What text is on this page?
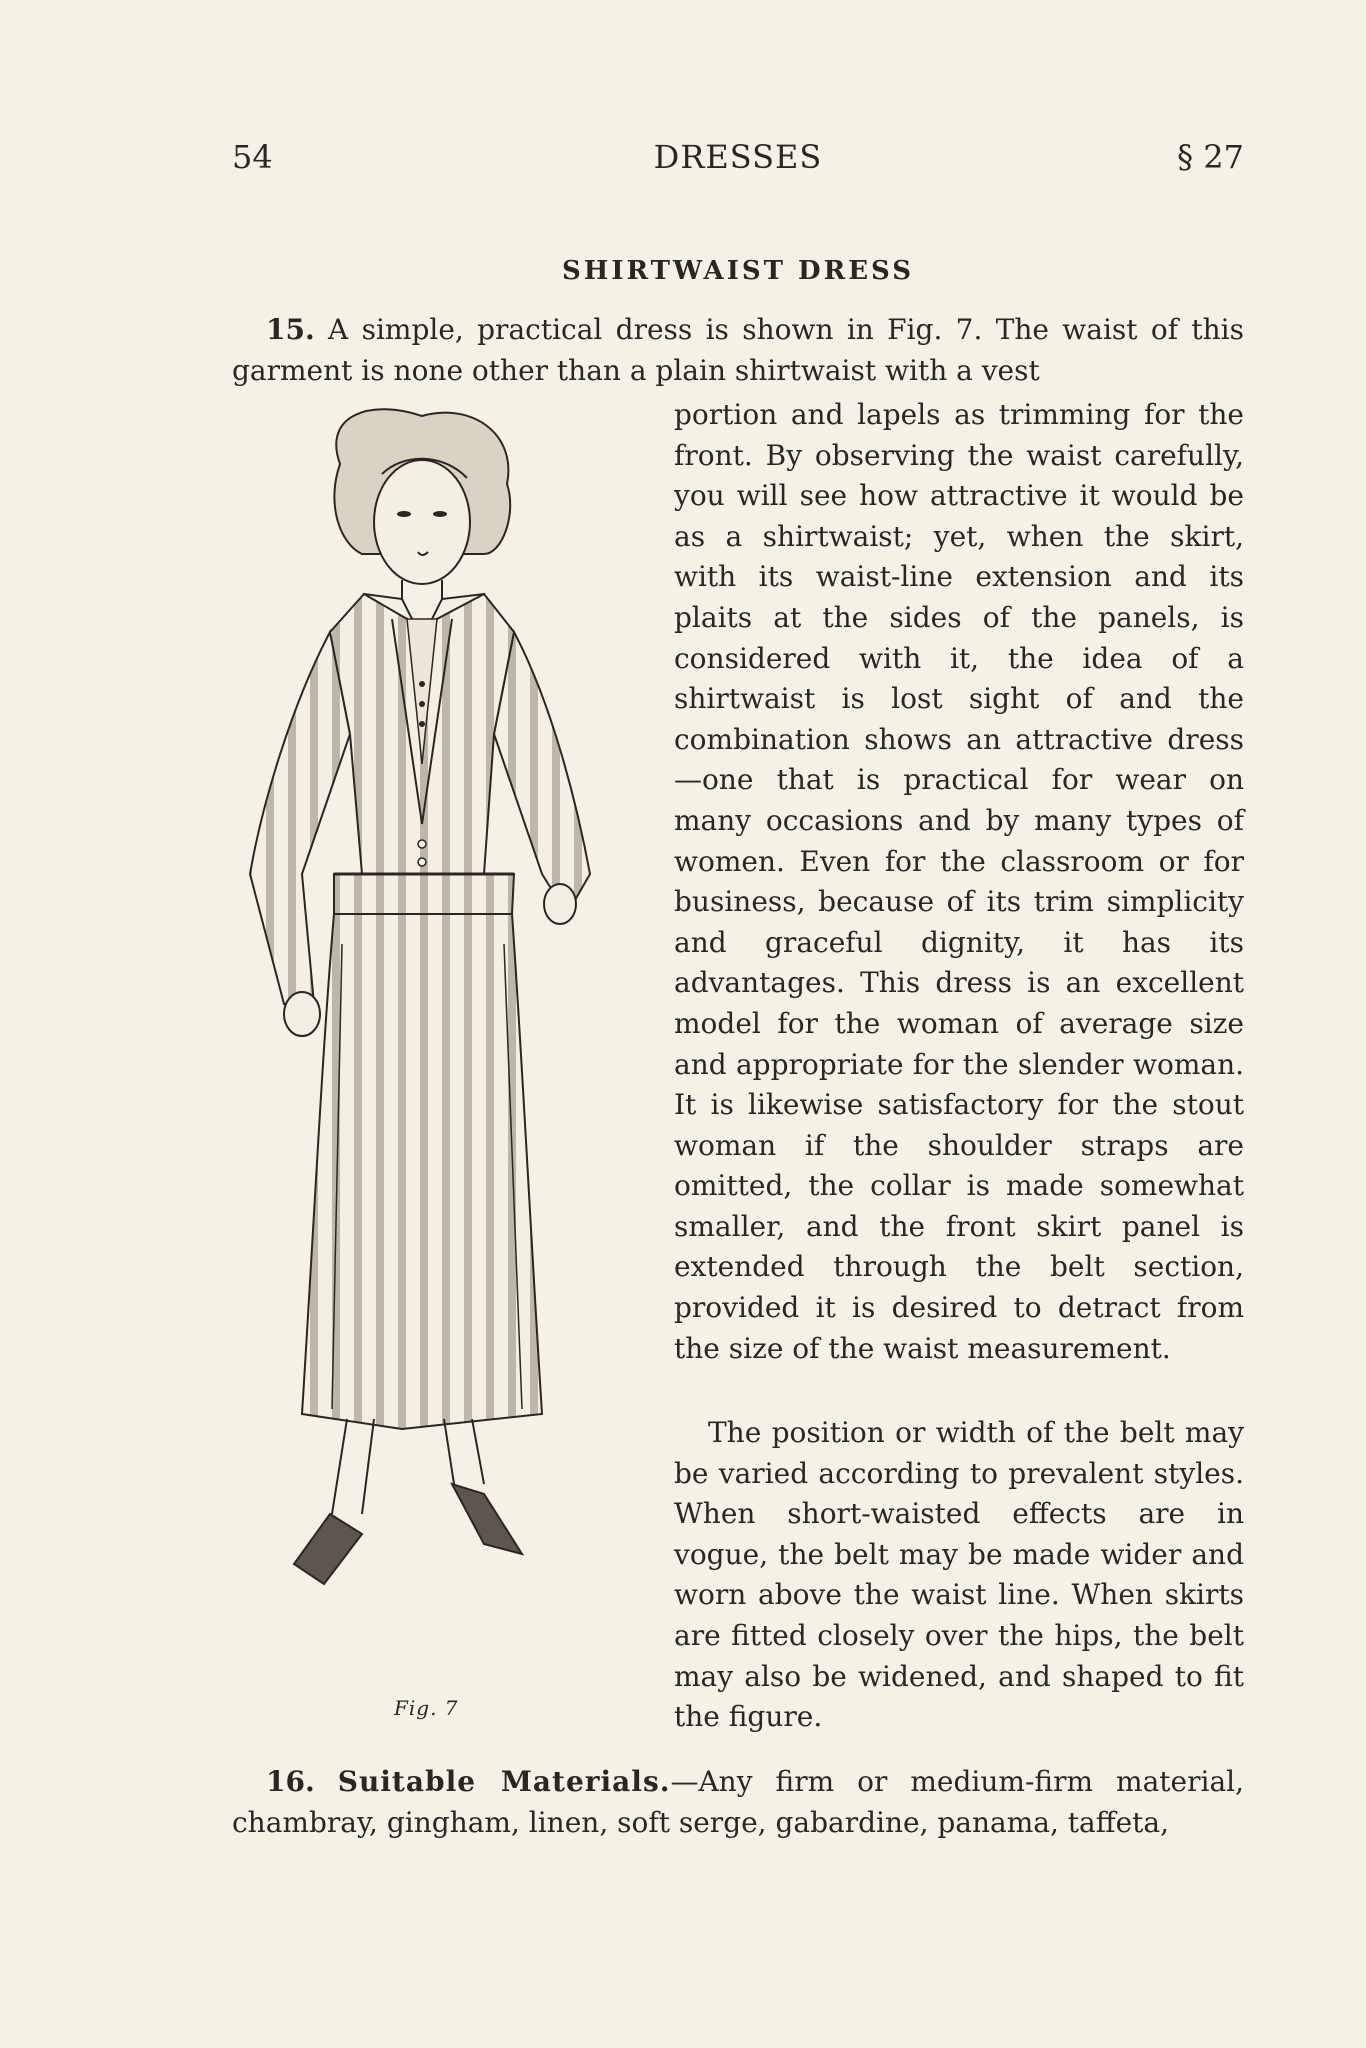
54	DRESSES	§ 27
SHIRTWAIST DRESS

15. A simple, practical dress is shown in Fig. 7. The waist of this garment is none other than a plain shirtwaist with a vest

portion and lapels as trimming for the front. By observing the waist carefully, you will see how attractive it would be as a shirtwaist; yet, when the skirt, with its waist-line extension and its plaits at the sides of the panels, is considered with it, the idea of a shirtwaist is lost sight of and the combination shows an attractive dress —one that is practical for wear on many occasions and by many types of women. Even for the classroom or for business, because of its trim simplicity and graceful dignity, it has its advantages. This dress is an excellent model for the woman of average size and appropriate for the slender woman. It is likewise satisfactory for the stout woman if the shoulder straps are omitted, the collar is made somewhat smaller, and the front skirt panel is extended through the belt section, provided it is desired to detract from the size of the waist measurement.

The position or width of the belt may be varied according to prevalent styles. When short-waisted effects are in vogue, the belt may be made wider and worn above the waist line. When skirts are fitted closely over the hips, the belt may also be widened, and shaped to fit the figure.

Fig. 7

16. Suitable Materials.—Any firm or medium-firm material, chambray, gingham, linen, soft serge, gabardine, panama, taffeta,
